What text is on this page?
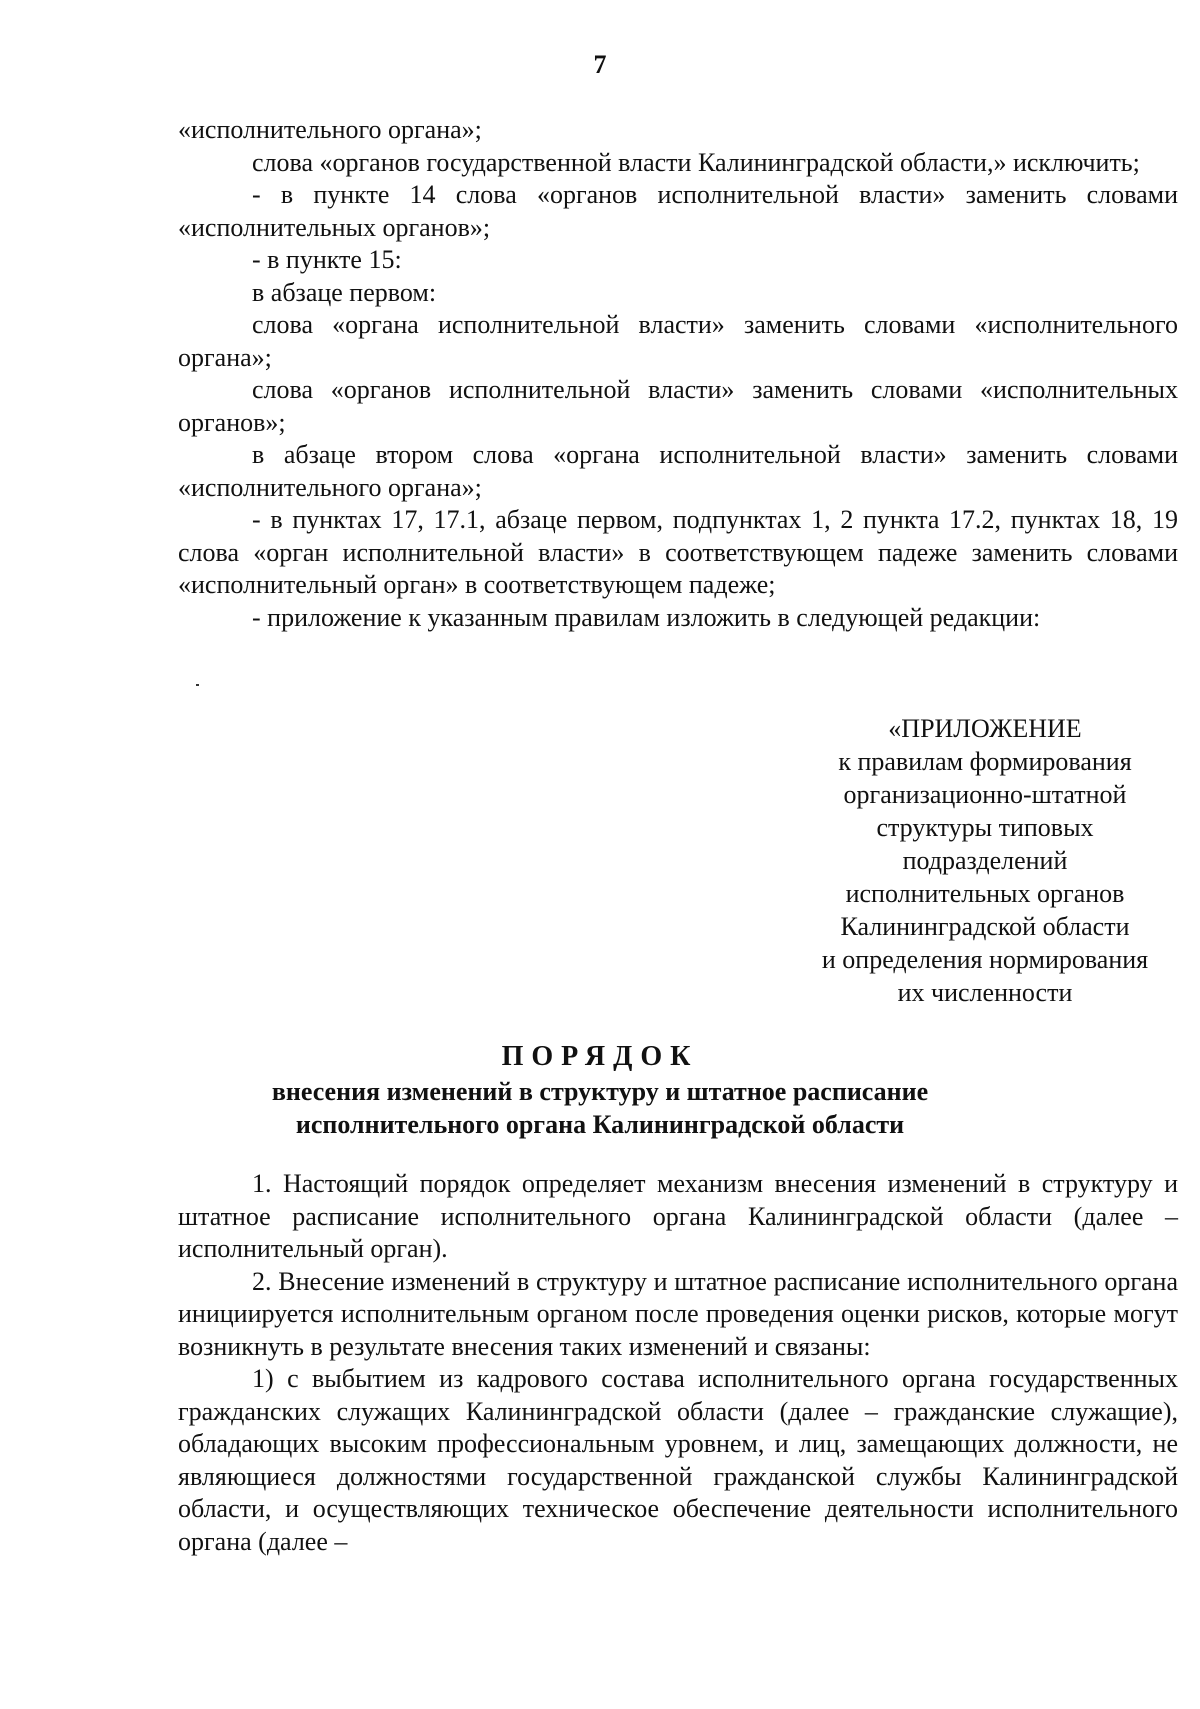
7

«исполнительного органа»;

слова «органов государственной власти Калининградской области,» исключить;

- в пункте 14 слова «органов исполнительной власти» заменить словами «исполнительных органов»;

- в пункте 15:

в абзаце первом:

слова «органа исполнительной власти» заменить словами «исполнительного органа»;

слова «органов исполнительной власти» заменить словами «исполнительных органов»;

в абзаце втором слова «органа исполнительной власти» заменить словами «исполнительного органа»;

- в пунктах 17, 17.1, абзаце первом, подпунктах 1, 2 пункта 17.2, пунктах 18, 19 слова «орган исполнительной власти» в соответствующем падеже заменить словами «исполнительный орган» в соответствующем падеже;

- приложение к указанным правилам изложить в следующей редакции:

«ПРИЛОЖЕНИЕ
к правилам формирования
организационно-штатной
структуры типовых
подразделений
исполнительных органов
Калининградской области
и определения нормирования
их численности
ПОРЯДОК
внесения изменений в структуру и штатное расписание
исполнительного органа Калининградской области

1. Настоящий порядок определяет механизм внесения изменений в структуру и штатное расписание исполнительного органа Калининградской области (далее – исполнительный орган).

2. Внесение изменений в структуру и штатное расписание исполнительного органа инициируется исполнительным органом после проведения оценки рисков, которые могут возникнуть в результате внесения таких изменений и связаны:

1) с выбытием из кадрового состава исполнительного органа государственных гражданских служащих Калининградской области (далее – гражданские служащие), обладающих высоким профессиональным уровнем, и лиц, замещающих должности, не являющиеся должностями государственной гражданской службы Калининградской области, и осуществляющих техническое обеспечение деятельности исполнительного органа (далее –
